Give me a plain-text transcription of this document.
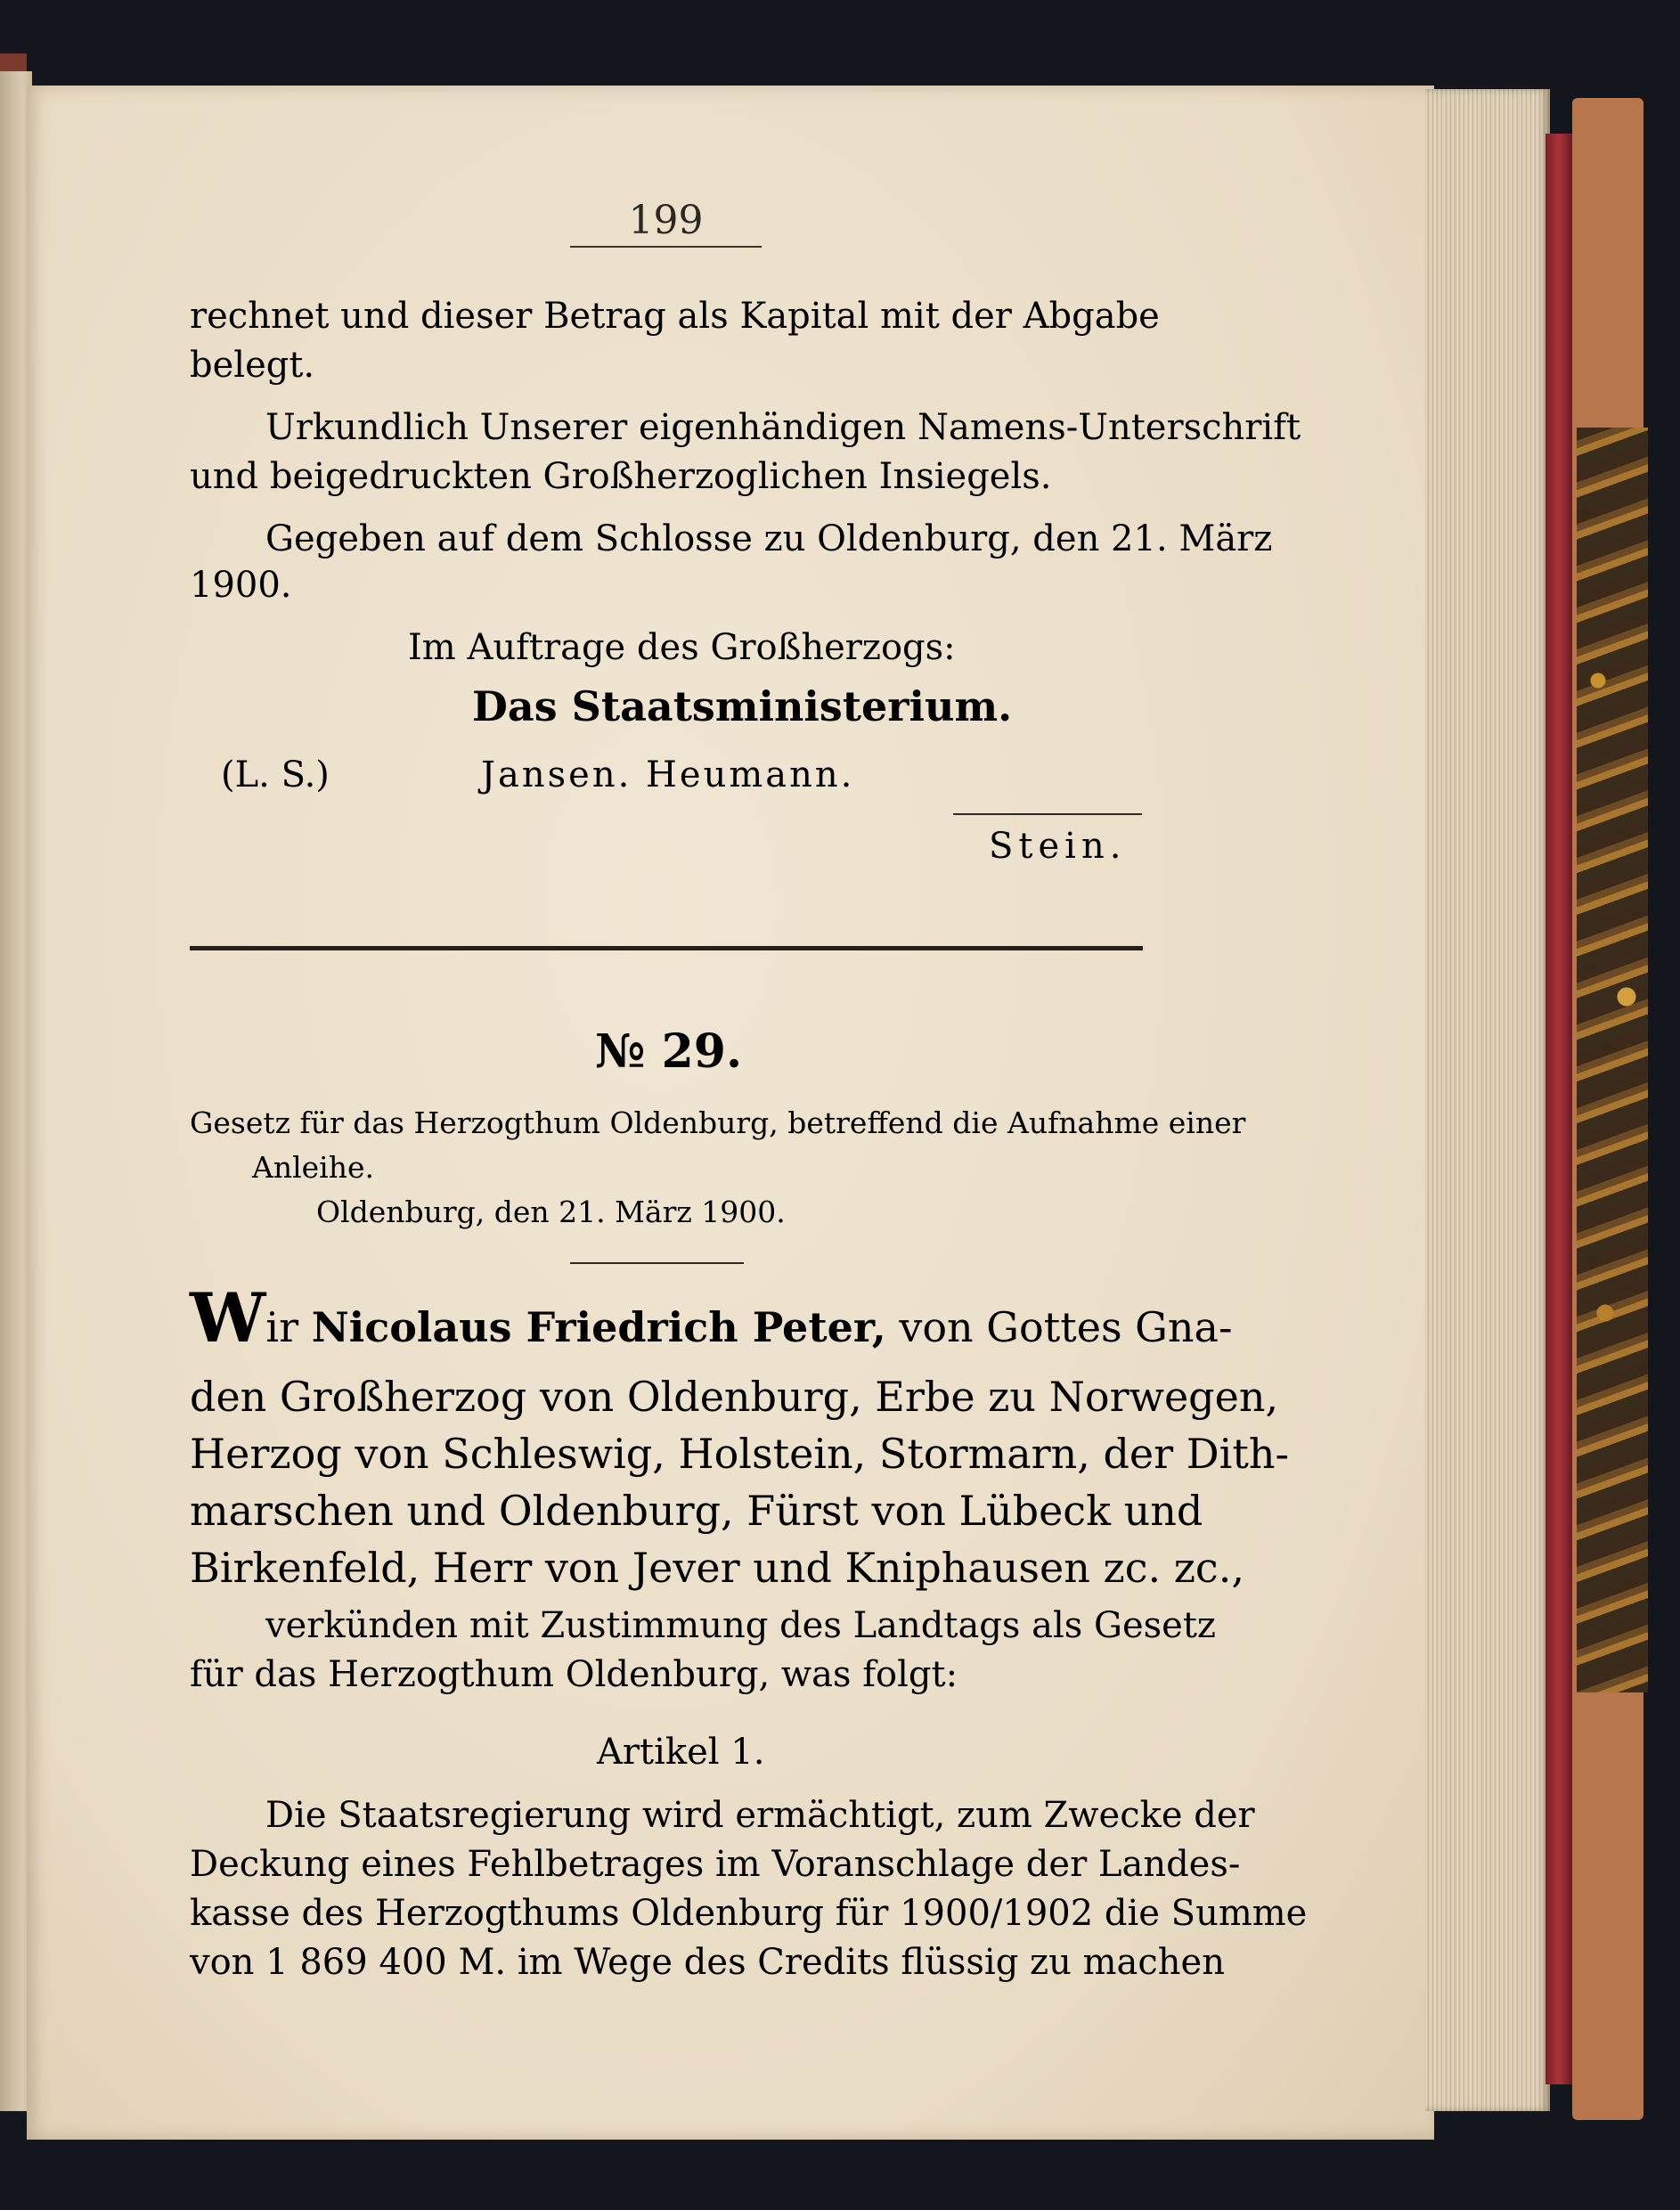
199
rechnet und dieser Betrag als Kapital mit der Abgabe
belegt.
Urkundlich Unserer eigenhändigen Namens-Unterschrift
und beigedruckten Großherzoglichen Insiegels.
Gegeben auf dem Schlosse zu Oldenburg, den 21. März
1900.
Im Auftrage des Großherzogs:
Das Staatsministerium.
(L. S.)	Jansen. Heumann.
Stein.
№ 29.
Gesetz für das Herzogthum Oldenburg, betreffend die Aufnahme einer
Anleihe.
Oldenburg, den 21. März 1900.
Wir Nicolaus Friedrich Peter, von Gottes Gna-
den Großherzog von Oldenburg, Erbe zu Norwegen,
Herzog von Schleswig, Holstein, Stormarn, der Dith-
marschen und Oldenburg, Fürst von Lübeck und
Birkenfeld, Herr von Jever und Kniphausen zc. zc.,
verkünden mit Zustimmung des Landtags als Gesetz
für das Herzogthum Oldenburg, was folgt:
Artikel 1.
Die Staatsregierung wird ermächtigt, zum Zwecke der
Deckung eines Fehlbetrages im Voranschlage der Landes-
kasse des Herzogthums Oldenburg für 1900/1902 die Summe
von 1 869 400 M. im Wege des Credits flüssig zu machen
